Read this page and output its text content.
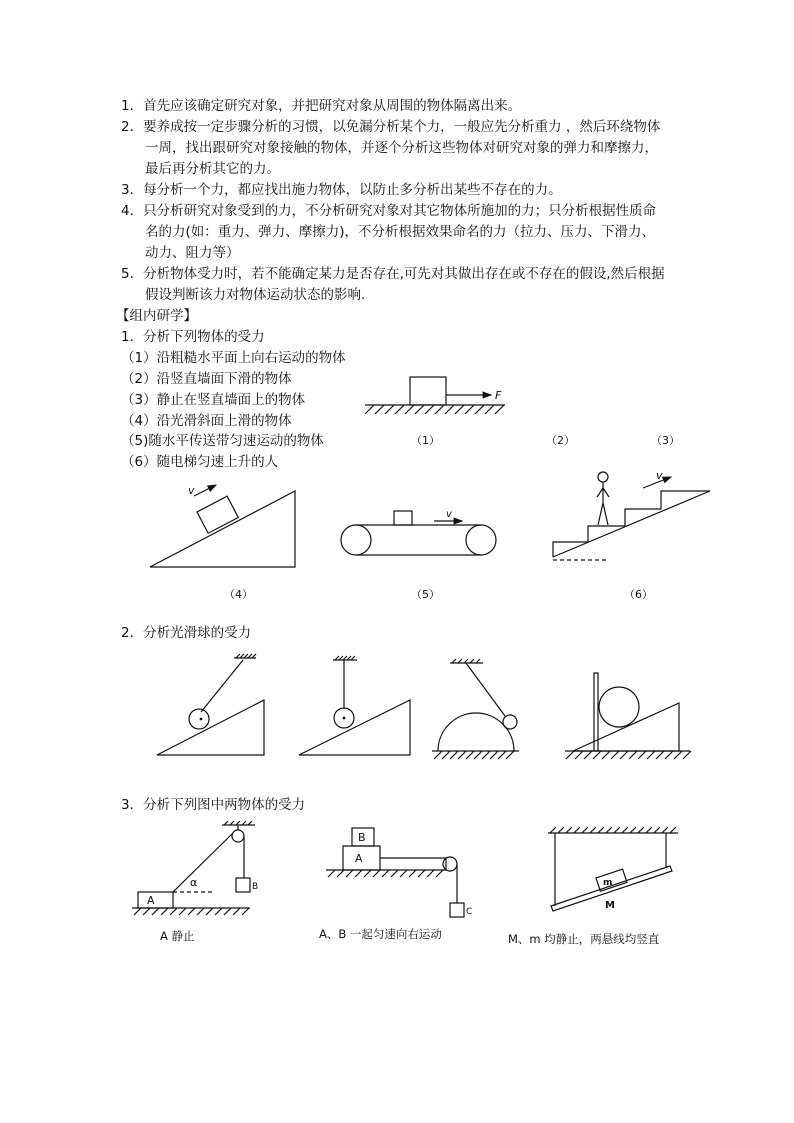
1．首先应该确定研究对象，并把研究对象从周围的物体隔离出来。
2．要养成按一定步骤分析的习惯，以免漏分析某个力，一般应先分析重力 ，然后环绕物体
一周，找出跟研究对象接触的物体，并逐个分析这些物体对研究对象的弹力和摩擦力，
最后再分析其它的力。
3．每分析一个力，都应找出施力物体，以防止多分析出某些不存在的力。
4．只分析研究对象受到的力，不分析研究对象对其它物体所施加的力；只分析根据性质命
名的力(如：重力、弹力、摩擦力)，不分析根据效果命名的力（拉力、压力、下滑力、
动力、阻力等）
5．分析物体受力时，若不能确定某力是否存在,可先对其做出存在或不存在的假设,然后根据
假设判断该力对物体运动状态的影响.
【组内研学】
1．分析下列物体的受力
（1）沿粗糙水平面上向右运动的物体
（2）沿竖直墙面下滑的物体
（3）静止在竖直墙面上的物体
（4）沿光滑斜面上滑的物体
（5)随水平传送带匀速运动的物体
（6）随电梯匀速上升的人
（1）	（2）	（3）
（4）	（5）	（6）
2．分析光滑球的受力
3．分析下列图中两物体的受力
A 静止	A、B 一起匀速向右运动	M、m 均静止，两悬线均竖直
F
v
v
v
B
A
α
B
A
C
m
M
